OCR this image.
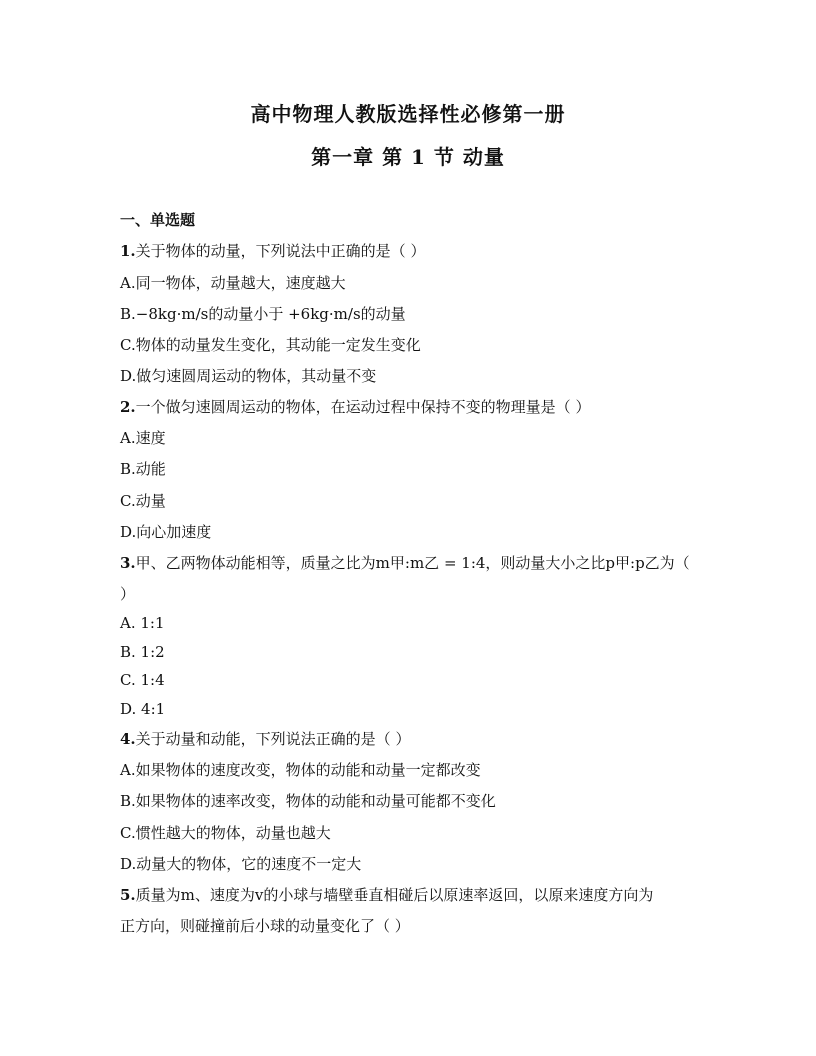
高中物理人教版选择性必修第一册
第一章 第 1 节 动量
一、单选题
1.关于物体的动量，下列说法中正确的是（ ）
A.同一物体，动量越大，速度越大
B.−8kg·m/s的动量小于 +6kg·m/s的动量
C.物体的动量发生变化，其动能一定发生变化
D.做匀速圆周运动的物体，其动量不变
2.一个做匀速圆周运动的物体，在运动过程中保持不变的物理量是（ ）
A.速度
B.动能
C.动量
D.向心加速度
3.甲、乙两物体动能相等，质量之比为m甲:m乙 = 1:4，则动量大小之比p甲:p乙为（
）
A. 1:1
B. 1:2
C. 1:4
D. 4:1
4.关于动量和动能，下列说法正确的是（ ）
A.如果物体的速度改变，物体的动能和动量一定都改变
B.如果物体的速率改变，物体的动能和动量可能都不变化
C.惯性越大的物体，动量也越大
D.动量大的物体，它的速度不一定大
5.质量为m、速度为v的小球与墙壁垂直相碰后以原速率返回，以原来速度方向为
正方向，则碰撞前后小球的动量变化了（ ）
